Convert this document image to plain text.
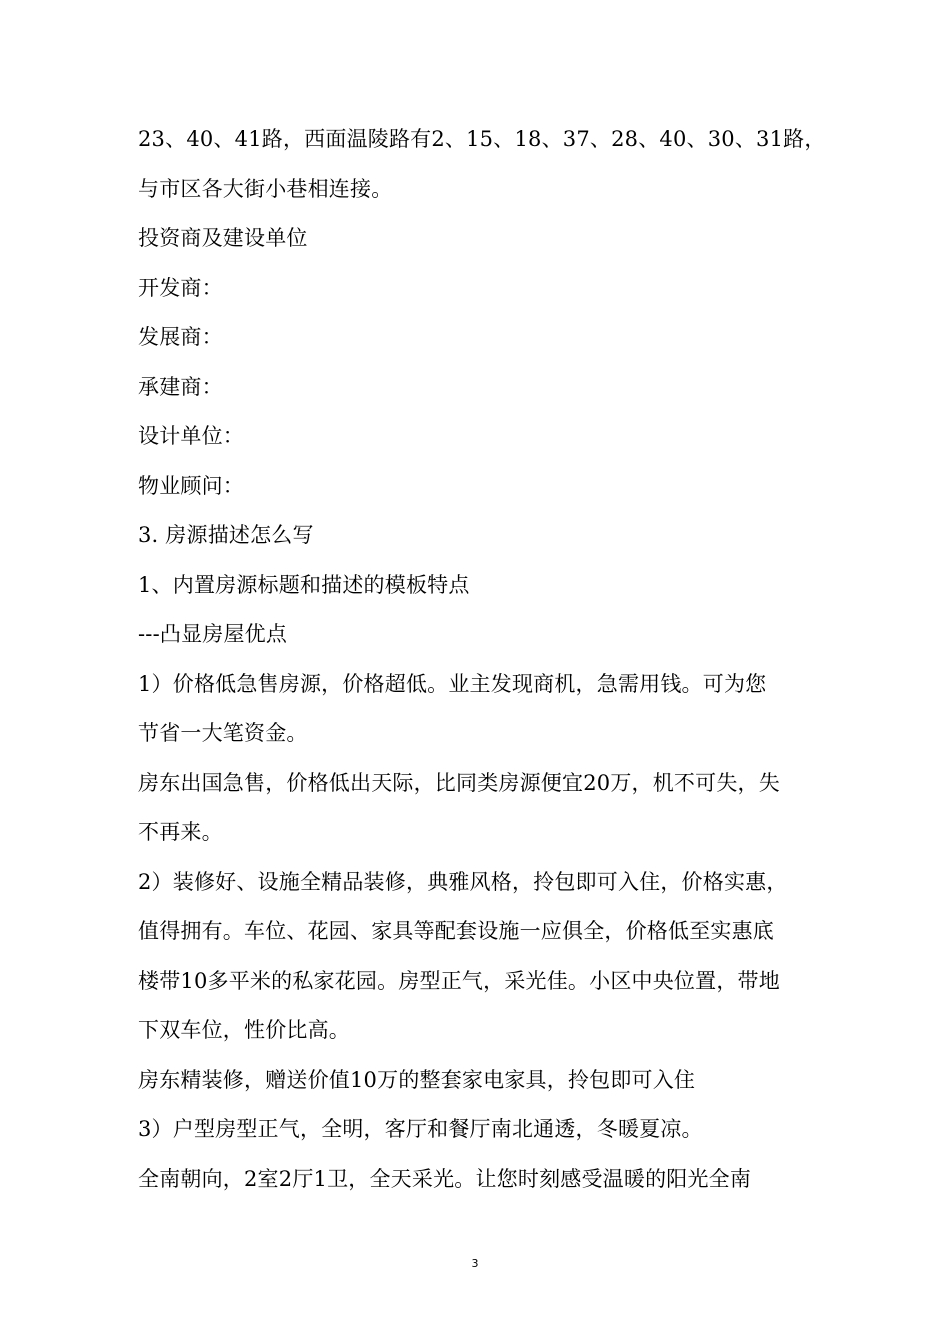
23、40、41路，西面温陵路有2、15、18、37、28、40、30、31路，
与市区各大街小巷相连接。
投资商及建设单位
开发商：
发展商：
承建商：
设计单位：
物业顾问：
3. 房源描述怎么写
1、内置房源标题和描述的模板特点
---凸显房屋优点
1）价格低急售房源，价格超低。业主发现商机，急需用钱。可为您
节省一大笔资金。
房东出国急售，价格低出天际，比同类房源便宜20万，机不可失，失
不再来。
2）装修好、设施全精品装修，典雅风格，拎包即可入住，价格实惠，
值得拥有。车位、花园、家具等配套设施一应俱全，价格低至实惠底
楼带10多平米的私家花园。房型正气，采光佳。小区中央位置，带地
下双车位，性价比高。
房东精装修，赠送价值10万的整套家电家具，拎包即可入住
3）户型房型正气，全明，客厅和餐厅南北通透，冬暖夏凉。
全南朝向，2室2厅1卫，全天采光。让您时刻感受温暖的阳光全南
3
